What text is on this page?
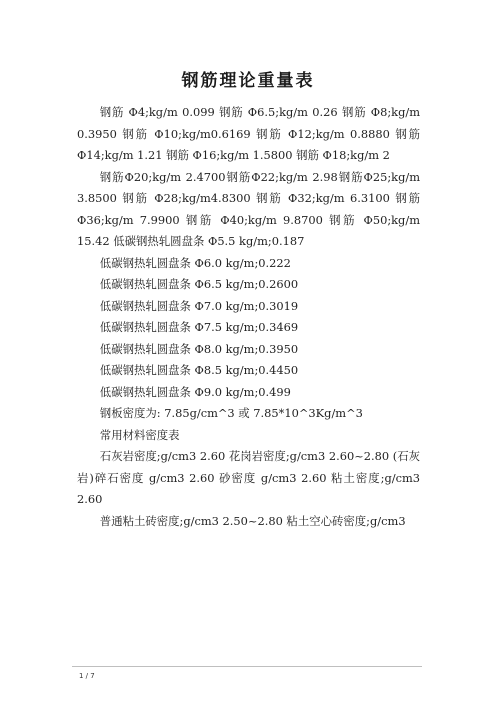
钢筋理论重量表

钢筋 Φ4;kg/m 0.099 钢筋 Φ6.5;kg/m 0.26 钢筋 Φ8;kg/m 0.3950 钢筋 Φ10;kg/m0.6169 钢筋 Φ12;kg/m 0.8880 钢筋 Φ14;kg/m 1.21 钢筋 Φ16;kg/m 1.5800 钢筋 Φ18;kg/m 2

钢筋Φ20;kg/m 2.4700钢筋Φ22;kg/m 2.98钢筋Φ25;kg/m 3.8500 钢筋 Φ28;kg/m4.8300 钢筋 Φ32;kg/m 6.3100 钢筋 Φ36;kg/m 7.9900 钢筋 Φ40;kg/m 9.8700 钢筋 Φ50;kg/m 15.42 低碳钢热轧圆盘条 Φ5.5 kg/m;0.187

低碳钢热轧圆盘条 Φ6.0 kg/m;0.222

低碳钢热轧圆盘条 Φ6.5 kg/m;0.2600

低碳钢热轧圆盘条 Φ7.0 kg/m;0.3019

低碳钢热轧圆盘条 Φ7.5 kg/m;0.3469

低碳钢热轧圆盘条 Φ8.0 kg/m;0.3950

低碳钢热轧圆盘条 Φ8.5 kg/m;0.4450

低碳钢热轧圆盘条 Φ9.0 kg/m;0.499

钢板密度为: 7.85g/cm^3 或 7.85*10^3Kg/m^3

常用材料密度表

石灰岩密度;g/cm3 2.60 花岗岩密度;g/cm3 2.60~2.80 (石灰岩)碎石密度 g/cm3 2.60 砂密度 g/cm3 2.60 粘土密度;g/cm3 2.60

普通粘土砖密度;g/cm3 2.50~2.80 粘土空心砖密度;g/cm3

1 / 7
